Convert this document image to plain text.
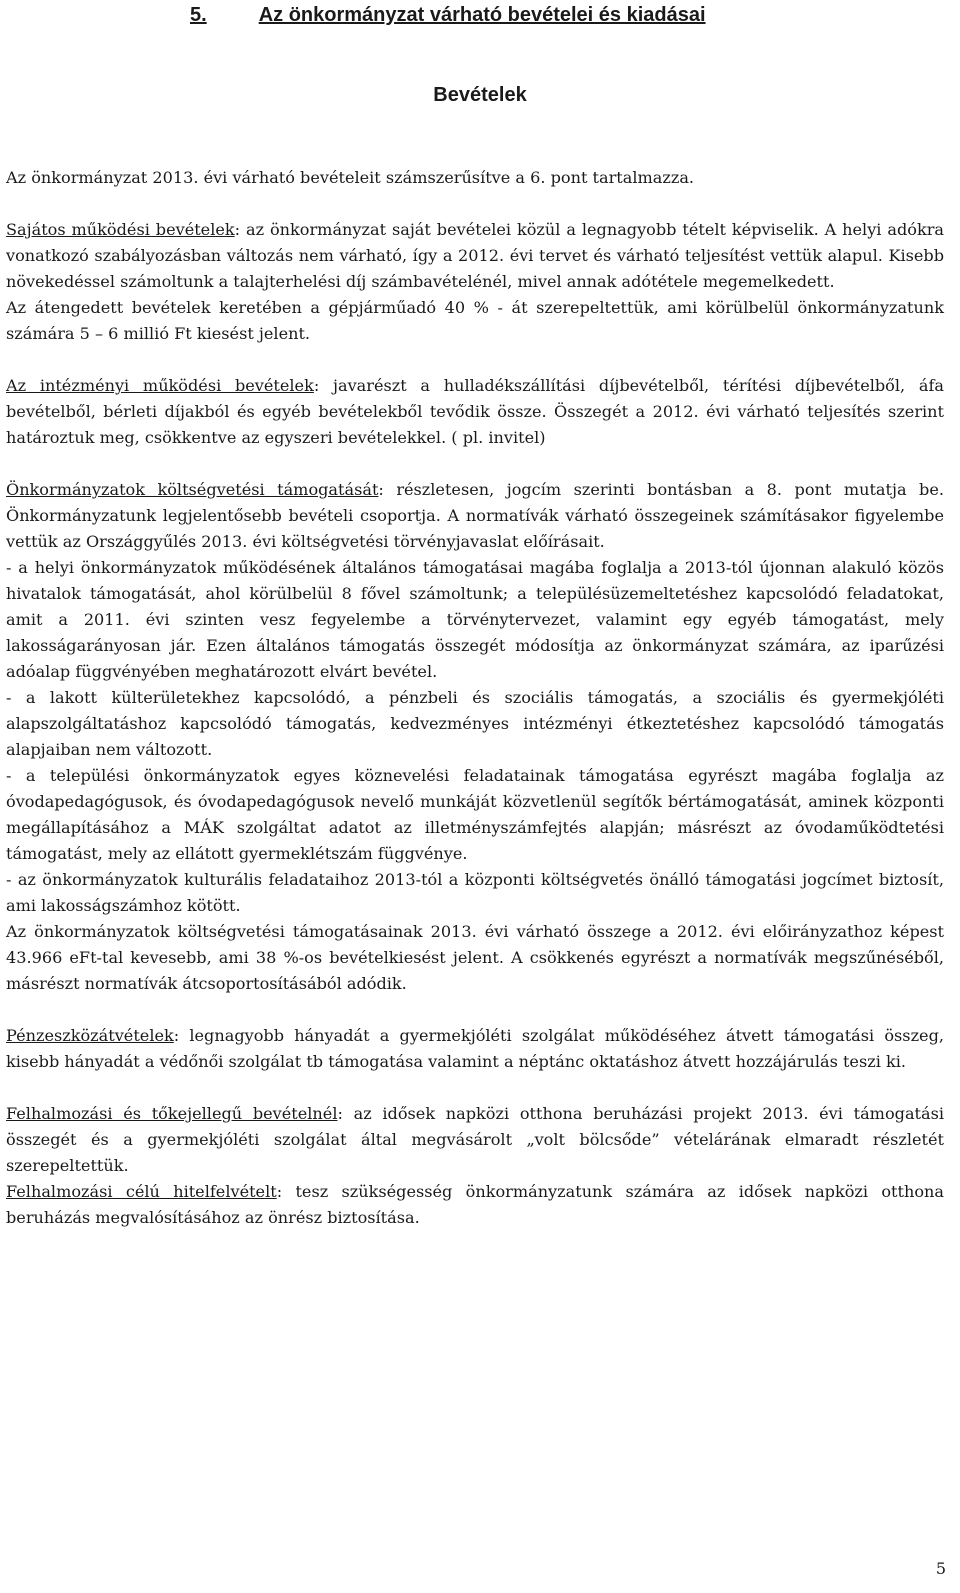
5.	Az önkormányzat várható bevételei és kiadásai
Bevételek

Az önkormányzat 2013. évi várható bevételeit számszerűsítve a 6. pont tartalmazza.

Sajátos működési bevételek: az önkormányzat saját bevételei közül a legnagyobb tételt képviselik. A helyi adókra vonatkozó szabályozásban változás nem várható, így a 2012. évi tervet és várható teljesítést vettük alapul. Kisebb növekedéssel számoltunk a talajterhelési díj számbavételénél, mivel annak adótétele megemelkedett.

Az átengedett bevételek keretében a gépjárműadó 40 % - át szerepeltettük, ami körülbelül önkormányzatunk számára 5 – 6 millió Ft kiesést jelent.

Az intézményi működési bevételek: javarészt a hulladékszállítási díjbevételből, térítési díjbevételből, áfa bevételből, bérleti díjakból és egyéb bevételekből tevődik össze. Összegét a 2012. évi várható teljesítés szerint határoztuk meg, csökkentve az egyszeri bevételekkel. ( pl. invitel)

Önkormányzatok költségvetési támogatását: részletesen, jogcím szerinti bontásban a 8. pont mutatja be. Önkormányzatunk legjelentősebb bevételi csoportja. A normatívák várható összegeinek számításakor figyelembe vettük az Országgyűlés 2013. évi költségvetési törvényjavaslat előírásait.

- a helyi önkormányzatok működésének általános támogatásai magába foglalja a 2013-tól újonnan alakuló közös hivatalok támogatását, ahol körülbelül 8 fővel számoltunk; a településüzemeltetéshez kapcsolódó feladatokat, amit a 2011. évi szinten vesz fegyelembe a törvénytervezet, valamint egy egyéb támogatást, mely lakosságarányosan jár. Ezen általános támogatás összegét módosítja az önkormányzat számára, az iparűzési adóalap függvényében meghatározott elvárt bevétel.

- a lakott külterületekhez kapcsolódó, a pénzbeli és szociális támogatás, a szociális és gyermekjóléti alapszolgáltatáshoz kapcsolódó támogatás, kedvezményes intézményi étkeztetéshez kapcsolódó támogatás alapjaiban nem változott.

- a települési önkormányzatok egyes köznevelési feladatainak támogatása egyrészt magába foglalja az óvodapedagógusok, és óvodapedagógusok nevelő munkáját közvetlenül segítők bértámogatását, aminek központi megállapításához a MÁK szolgáltat adatot az illetményszámfejtés alapján; másrészt az óvodaműködtetési támogatást, mely az ellátott gyermeklétszám függvénye.

- az önkormányzatok kulturális feladataihoz 2013-tól a központi költségvetés önálló támogatási jogcímet biztosít, ami lakosságszámhoz kötött.

Az önkormányzatok költségvetési támogatásainak 2013. évi várható összege a 2012. évi előirányzathoz képest 43.966 eFt-tal kevesebb, ami 38 %-os bevételkiesést jelent. A csökkenés egyrészt a normatívák megszűnéséből, másrészt normatívák átcsoportosításából adódik.

Pénzeszközátvételek: legnagyobb hányadát a gyermekjóléti szolgálat működéséhez átvett támogatási összeg, kisebb hányadát a védőnői szolgálat tb támogatása valamint a néptánc oktatáshoz átvett hozzájárulás teszi ki.

Felhalmozási és tőkejellegű bevételnél: az idősek napközi otthona beruházási projekt 2013. évi támogatási összegét és a gyermekjóléti szolgálat által megvásárolt „volt bölcsőde” vételárának elmaradt részletét szerepeltettük.

Felhalmozási célú hitelfelvételt: tesz szükségesség önkormányzatunk számára az idősek napközi otthona beruházás megvalósításához az önrész biztosítása.

5
